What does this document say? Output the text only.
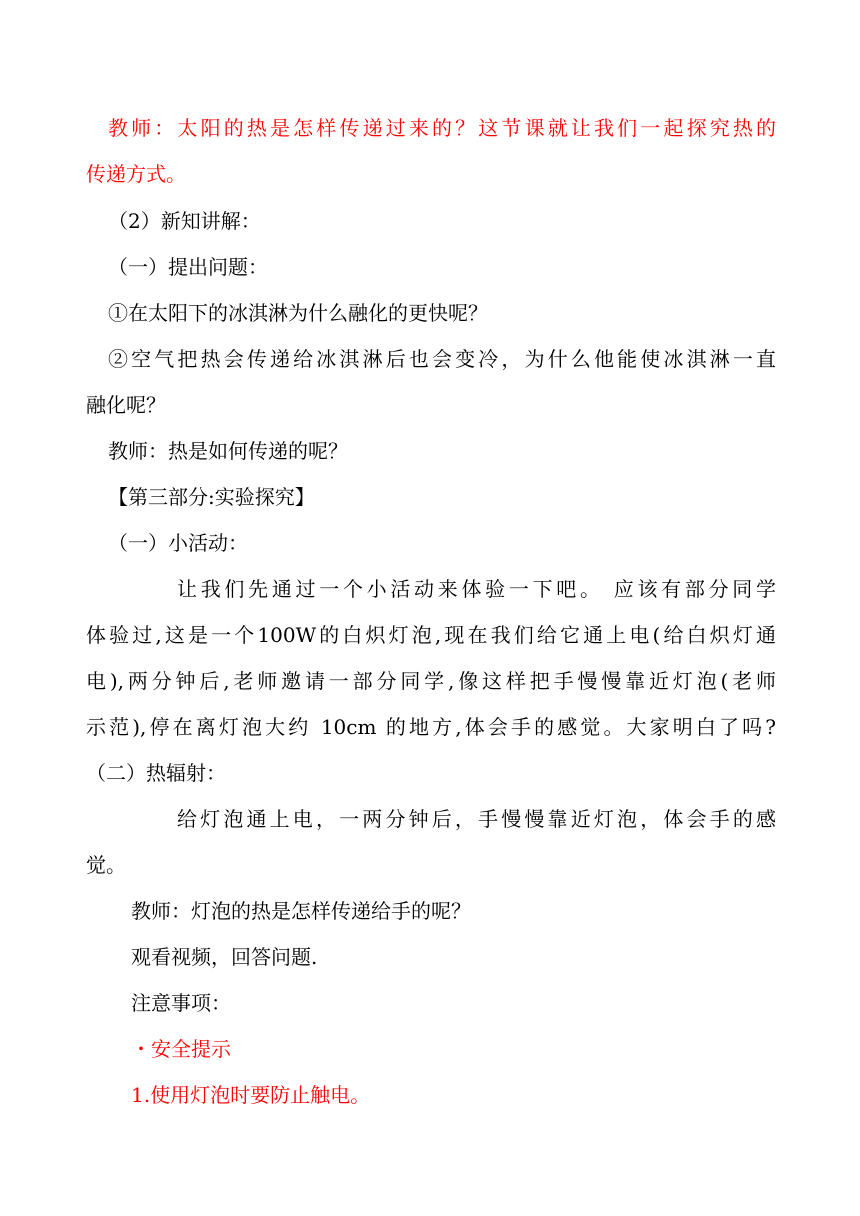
教师：太阳的热是怎样传递过来的？这节课就让我们一起探究热的
传递方式。
（2）新知讲解：
（一）提出问题：
①在太阳下的冰淇淋为什么融化的更快呢？
②空气把热会传递给冰淇淋后也会变冷，为什么他能使冰淇淋一直
融化呢？
教师：热是如何传递的呢？
【第三部分:实验探究】
（一）小活动：
让我们先通过一个小活动来体验一下吧。 应该有部分同学
体验过,这是一个100W的白炽灯泡,现在我们给它通上电(给白炽灯通
电),两分钟后,老师邀请一部分同学,像这样把手慢慢靠近灯泡(老师
示范),停在离灯泡大约 10cm 的地方,体会手的感觉。大家明白了吗?
（二）热辐射：
给灯泡通上电，一两分钟后，手慢慢靠近灯泡，体会手的感
觉。
教师：灯泡的热是怎样传递给手的呢？
观看视频，回答问题.
注意事项：
・安全提示
1.使用灯泡时要防止触电。
